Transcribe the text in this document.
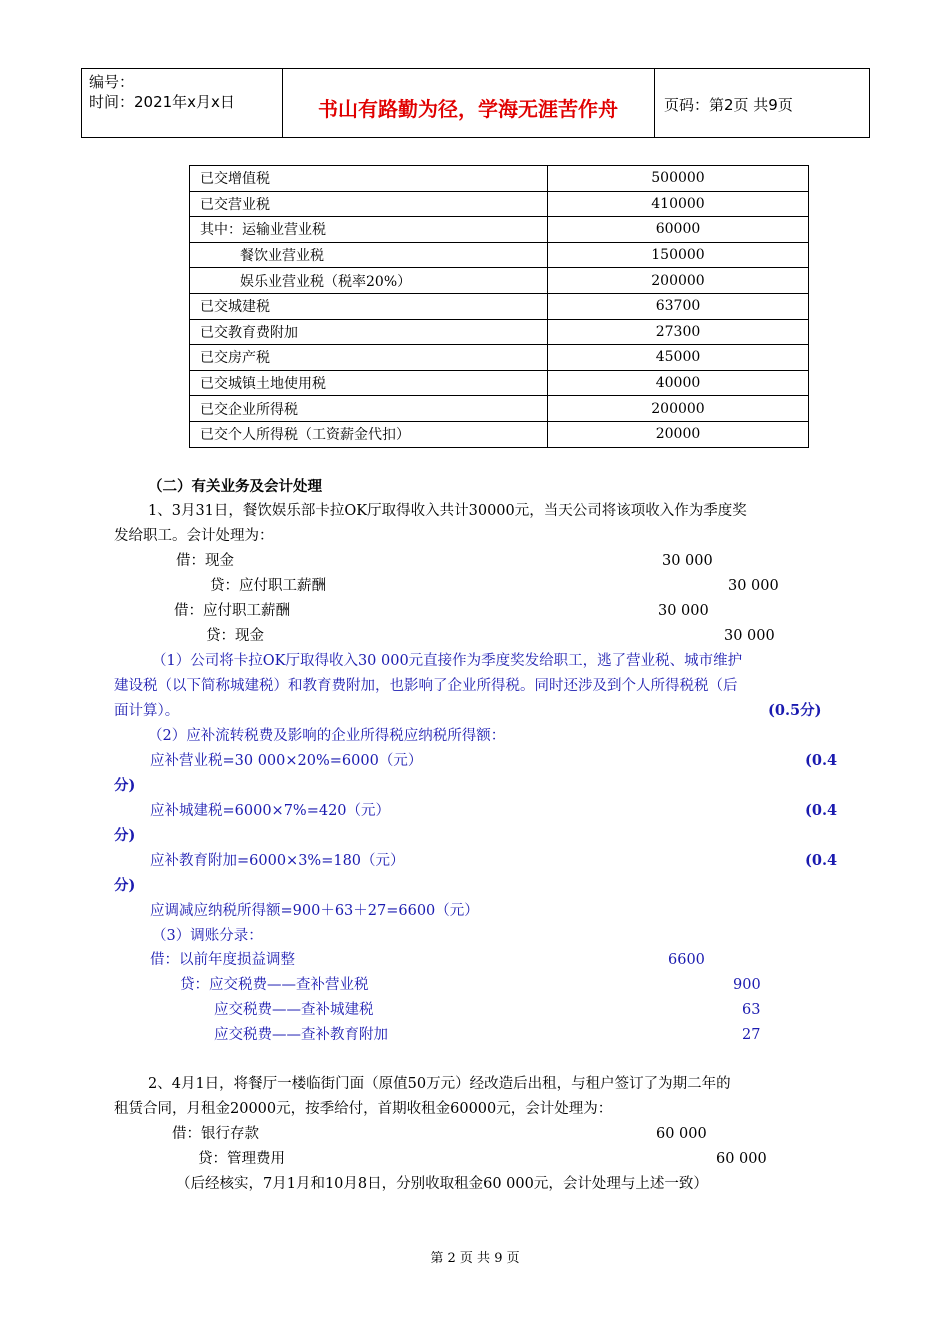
编号：
时间：2021年x月x日	书山有路勤为径，学海无涯苦作舟	页码：第2页 共9页
已交增值税	500000
已交营业税	410000
其中：运输业营业税	60000
餐饮业营业税	150000
娱乐业营业税（税率20%）	200000
已交城建税	63700
已交教育费附加	27300
已交房产税	45000
已交城镇土地使用税	40000
已交企业所得税	200000
已交个人所得税（工资薪金代扣）	20000
（二）有关业务及会计处理
1、3月31日，餐饮娱乐部卡拉OK厅取得收入共计30000元，当天公司将该项收入作为季度奖
发给职工。会计处理为：
借：现金	30 000
贷：应付职工薪酬	30 000
借：应付职工薪酬	30 000
贷：现金	30 000
（1）公司将卡拉OK厅取得收入30 000元直接作为季度奖发给职工，逃了营业税、城市维护
建设税（以下简称城建税）和教育费附加，也影响了企业所得税。同时还涉及到个人所得税税（后
面计算）。	(0.5分)
（2）应补流转税费及影响的企业所得税应纳税所得额：
应补营业税=30 000×20%=6000（元）	(0.4
分)
应补城建税=6000×7%=420（元）	(0.4
分)
应补教育附加=6000×3%=180（元）	(0.4
分)
应调减应纳税所得额=900＋63＋27=6600（元）
（3）调账分录：
借：以前年度损益调整	6600
贷：应交税费——查补营业税	900
应交税费——查补城建税	63
应交税费——查补教育附加	27
2、4月1日，将餐厅一楼临街门面（原值50万元）经改造后出租，与租户签订了为期二年的
租赁合同，月租金20000元，按季给付，首期收租金60000元，会计处理为：
借：银行存款	60 000
贷：管理费用	60 000
（后经核实，7月1月和10月8日，分别收取租金60 000元，会计处理与上述一致）
第 2 页 共 9 页
